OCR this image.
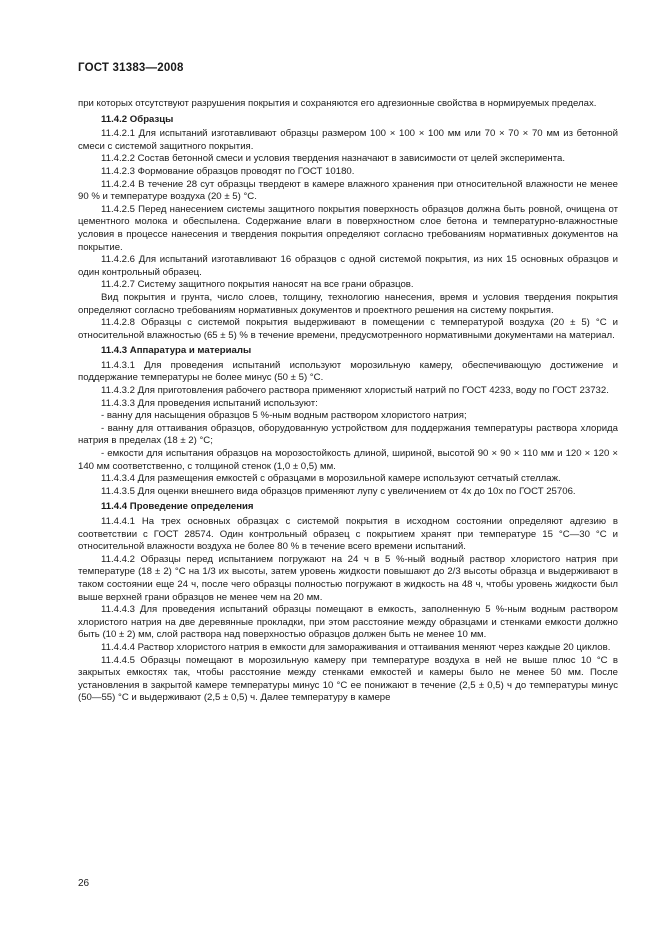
ГОСТ 31383—2008

при которых отсутствуют разрушения покрытия и сохраняются его адгезионные свойства в нормируемых пределах.

11.4.2 Образцы

11.4.2.1 Для испытаний изготавливают образцы размером 100 × 100 × 100 мм или 70 × 70 × 70 мм из бетонной смеси с системой защитного покрытия.

11.4.2.2 Состав бетонной смеси и условия твердения назначают в зависимости от целей эксперимента.

11.4.2.3 Формование образцов проводят по ГОСТ 10180.

11.4.2.4 В течение 28 сут образцы твердеют в камере влажного хранения при относительной влажности не менее 90 % и температуре воздуха (20 ± 5) °С.

11.4.2.5 Перед нанесением системы защитного покрытия поверхность образцов должна быть ровной, очищена от цементного молока и обеспылена. Содержание влаги в поверхностном слое бетона и температурно-влажностные условия в процессе нанесения и твердения покрытия определяют согласно требованиям нормативных документов на покрытие.

11.4.2.6 Для испытаний изготавливают 16 образцов с одной системой покрытия, из них 15 основных образцов и один контрольный образец.

11.4.2.7 Систему защитного покрытия наносят на все грани образцов.

Вид покрытия и грунта, число слоев, толщину, технологию нанесения, время и условия твердения покрытия определяют согласно требованиям нормативных документов и проектного решения на систему покрытия.

11.4.2.8 Образцы с системой покрытия выдерживают в помещении с температурой воздуха (20 ± 5) °С и относительной влажностью (65 ± 5) % в течение времени, предусмотренного нормативными документами на материал.

11.4.3 Аппаратура и материалы

11.4.3.1 Для проведения испытаний используют морозильную камеру, обеспечивающую достижение и поддержание температуры не более минус (50 ± 5) °С.

11.4.3.2 Для приготовления рабочего раствора применяют хлористый натрий по ГОСТ 4233, воду по ГОСТ 23732.

11.4.3.3 Для проведения испытаний используют:

- ванну для насыщения образцов 5 %-ным водным раствором хлористого натрия;

- ванну для оттаивания образцов, оборудованную устройством для поддержания температуры раствора хлорида натрия в пределах (18 ± 2) °С;

- емкости для испытания образцов на морозостойкость длиной, шириной, высотой 90 × 90 × 110 мм и 120 × 120 × 140 мм соответственно, с толщиной стенок (1,0 ± 0,5) мм.

11.4.3.4 Для размещения емкостей с образцами в морозильной камере используют сетчатый стеллаж.

11.4.3.5 Для оценки внешнего вида образцов применяют лупу с увеличением от 4х до 10х по ГОСТ 25706.

11.4.4 Проведение определения

11.4.4.1 На трех основных образцах с системой покрытия в исходном состоянии определяют адгезию в соответствии с ГОСТ 28574. Один контрольный образец с покрытием хранят при температуре 15 °С—30 °С и относительной влажности воздуха не более 80 % в течение всего времени испытаний.

11.4.4.2 Образцы перед испытанием погружают на 24 ч в 5 %-ный водный раствор хлористого натрия при температуре (18 ± 2) °С на 1/3 их высоты, затем уровень жидкости повышают до 2/3 высоты образца и выдерживают в таком состоянии еще 24 ч, после чего образцы полностью погружают в жидкость на 48 ч, чтобы уровень жидкости был выше верхней грани образцов не менее чем на 20 мм.

11.4.4.3 Для проведения испытаний образцы помещают в емкость, заполненную 5 %-ным водным раствором хлористого натрия на две деревянные прокладки, при этом расстояние между образцами и стенками емкости должно быть (10 ± 2) мм, слой раствора над поверхностью образцов должен быть не менее 10 мм.

11.4.4.4 Раствор хлористого натрия в емкости для замораживания и оттаивания меняют через каждые 20 циклов.

11.4.4.5 Образцы помещают в морозильную камеру при температуре воздуха в ней не выше плюс 10 °С в закрытых емкостях так, чтобы расстояние между стенками емкостей и камеры было не менее 50 мм. После установления в закрытой камере температуры минус 10 °С ее понижают в течение (2,5 ± 0,5) ч до температуры минус (50—55) °С и выдерживают (2,5 ± 0,5) ч. Далее температуру в камере

26
